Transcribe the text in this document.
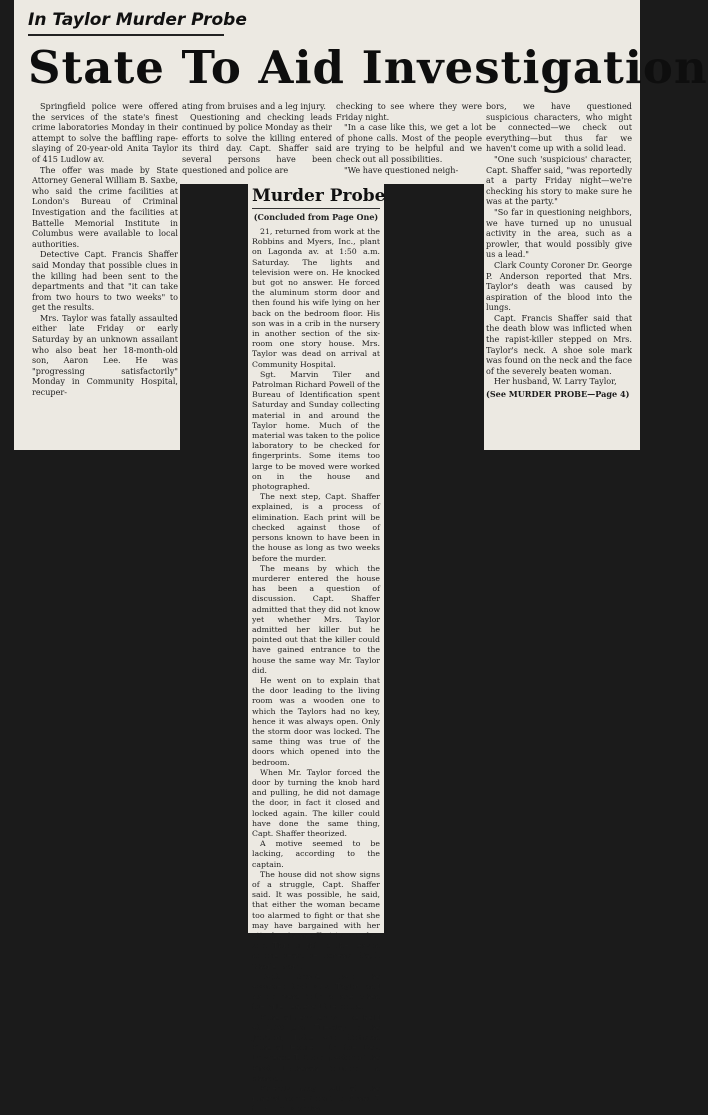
In Taylor Murder Probe
State To Aid Investigation

Springfield police were offered the services of the state's finest crime laboratories Monday in their attempt to solve the baffling rape-slaying of 20-year-old Anita Taylor of 415 Ludlow av.

The offer was made by State Attorney General William B. Saxbe, who said the crime facilities at London's Bureau of Criminal Investigation and the facilities at Battelle Memorial Institute in Columbus were available to local authorities.

Detective Capt. Francis Shaffer said Monday that possible clues in the killing had been sent to the departments and that "it can take from two hours to two weeks" to get the results.

Mrs. Taylor was fatally assaulted either late Friday or early Saturday by an unknown assailant who also beat her 18-month-old son, Aaron Lee. He was "progressing satisfactorily" Monday in Community Hospital, recuper-

ating from bruises and a leg injury.

Questioning and checking leads continued by police Monday as their efforts to solve the killing entered its third day. Capt. Shaffer said several persons have been questioned and police are

checking to see where they were Friday night.

"In a case like this, we get a lot of phone calls. Most of the people are trying to be helpful and we check out all possibilities.

"We have questioned neigh-

bors, we have questioned suspicious characters, who might be connected—we check out everything—but thus far we haven't come up with a solid lead.

"One such 'suspicious' character, Capt. Shaffer said, "was reportedly at a party Friday night—we're checking his story to make sure he was at the party."

"So far in questioning neighbors, we have turned up no unusual activity in the area, such as a prowler, that would possibly give us a lead."

Clark County Coroner Dr. George P. Anderson reported that Mrs. Taylor's death was caused by aspiration of the blood into the lungs.

Capt. Francis Shaffer said that the death blow was inflicted when the rapist-killer stepped on Mrs. Taylor's neck. A shoe sole mark was found on the neck and the face of the severely beaten woman.

Her husband, W. Larry Taylor,

(See MURDER PROBE—Page 4)

Murder Probe
(Concluded from Page One)

21, returned from work at the Robbins and Myers, Inc., plant on Lagonda av. at 1:50 a.m. Saturday. The lights and television were on. He knocked but got no answer. He forced the aluminum storm door and then found his wife lying on her back on the bedroom floor. His son was in a crib in the nursery in another section of the six-room one story house. Mrs. Taylor was dead on arrival at Community Hospital.

Sgt. Marvin Tiler and Patrolman Richard Powell of the Bureau of Identification spent Saturday and Sunday collecting material in and around the Taylor home. Much of the material was taken to the police laboratory to be checked for fingerprints. Some items too large to be moved were worked on in the house and photographed.

The next step, Capt. Shaffer explained, is a process of elimination. Each print will be checked against those of persons known to have been in the house as long as two weeks before the murder.

The means by which the murderer entered the house has been a question of discussion. Capt. Shaffer admitted that they did not know yet whether Mrs. Taylor admitted her killer but he pointed out that the killer could have gained entrance to the house the same way Mr. Taylor did.

He went on to explain that the door leading to the living room was a wooden one to which the Taylors had no key, hence it was always open. Only the storm door was locked. The same thing was true of the doors which opened into the bedroom.

When Mr. Taylor forced the door by turning the knob hard and pulling, he did not damage the door, in fact it closed and locked again. The killer could have done the same thing, Capt. Shaffer theorized.

A motive seemed to be lacking, according to the captain.

The house did not show signs of a struggle, Capt. Shaffer said. It was possible, he said, that either the woman became too alarmed to fight or that she may have bargained with her attacker in an effort to save her son. This might be the reason no one heard her scream, Capt. Shaffer said.

Capt. Shaffer said he assumed that Mrs. Taylor and Aaron were both awake when the killer entered the house.

Funeral services will be held at 2:30 p.m. Tuesday in the Jackson, Lytle and Coffman Funeral Home with the Rev. Lawrence T. Rugh, pastor of the First Lutheran Church, in charge.

Friends may call at the funeral home from 3 to 5 and 7 to 9 p.m. Monday.
